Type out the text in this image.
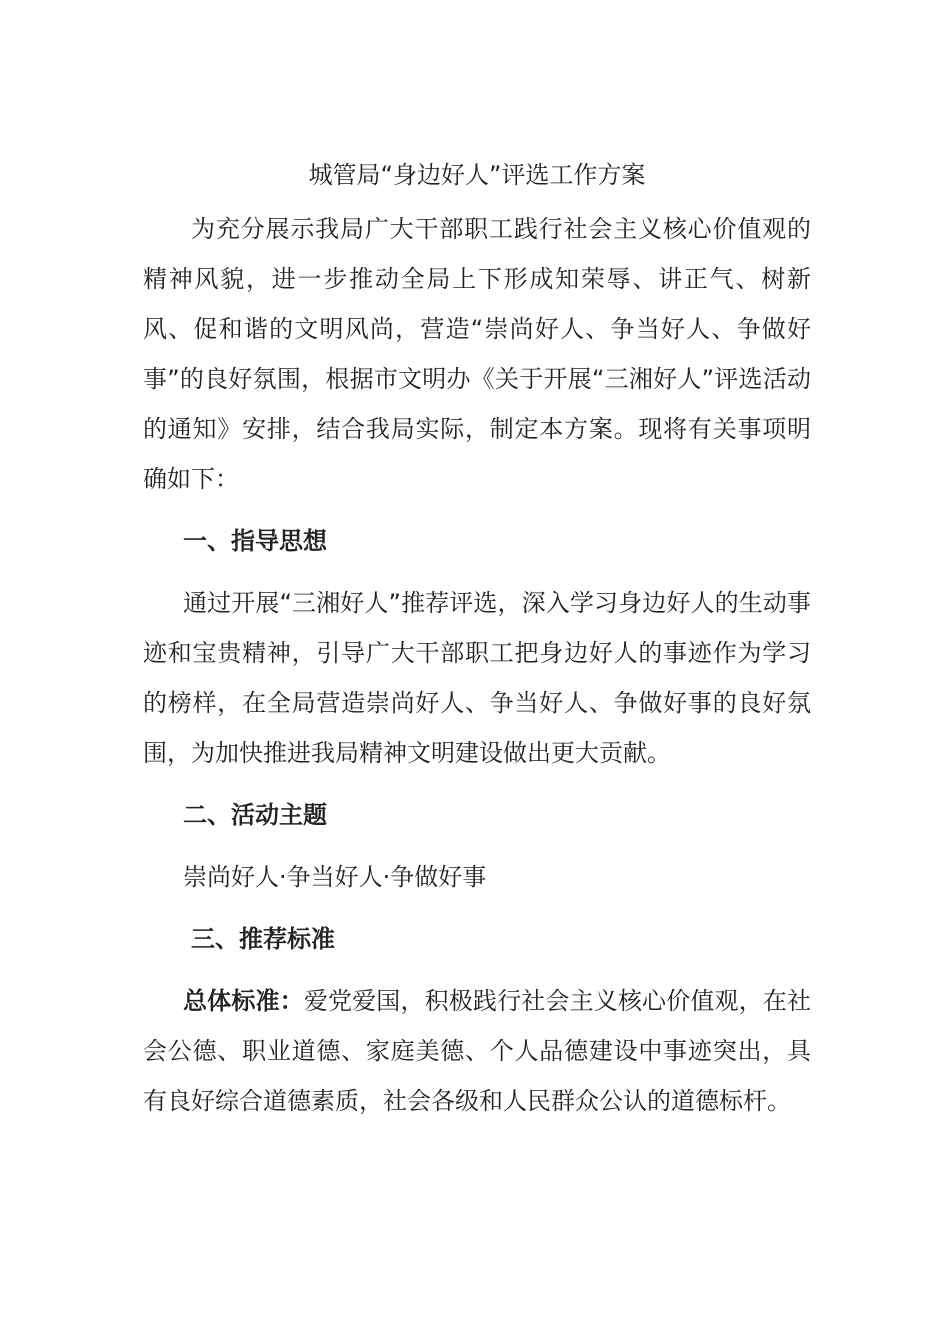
城管局“身边好人”评选工作方案

为充分展示我局广大干部职工践行社会主义核心价值观的精神风貌，进一步推动全局上下形成知荣辱、讲正气、树新风、促和谐的文明风尚，营造“崇尚好人、争当好人、争做好事”的良好氛围，根据市文明办《关于开展“三湘好人”评选活动的通知》安排，结合我局实际，制定本方案。现将有关事项明确如下：

一、指导思想

通过开展“三湘好人”推荐评选，深入学习身边好人的生动事迹和宝贵精神，引导广大干部职工把身边好人的事迹作为学习的榜样，在全局营造崇尚好人、争当好人、争做好事的良好氛围，为加快推进我局精神文明建设做出更大贡献。

二、活动主题
崇尚好人·争当好人·争做好事
三、推荐标准

总体标准：爱党爱国，积极践行社会主义核心价值观，在社会公德、职业道德、家庭美德、个人品德建设中事迹突出，具有良好综合道德素质，社会各级和人民群众公认的道德标杆。
